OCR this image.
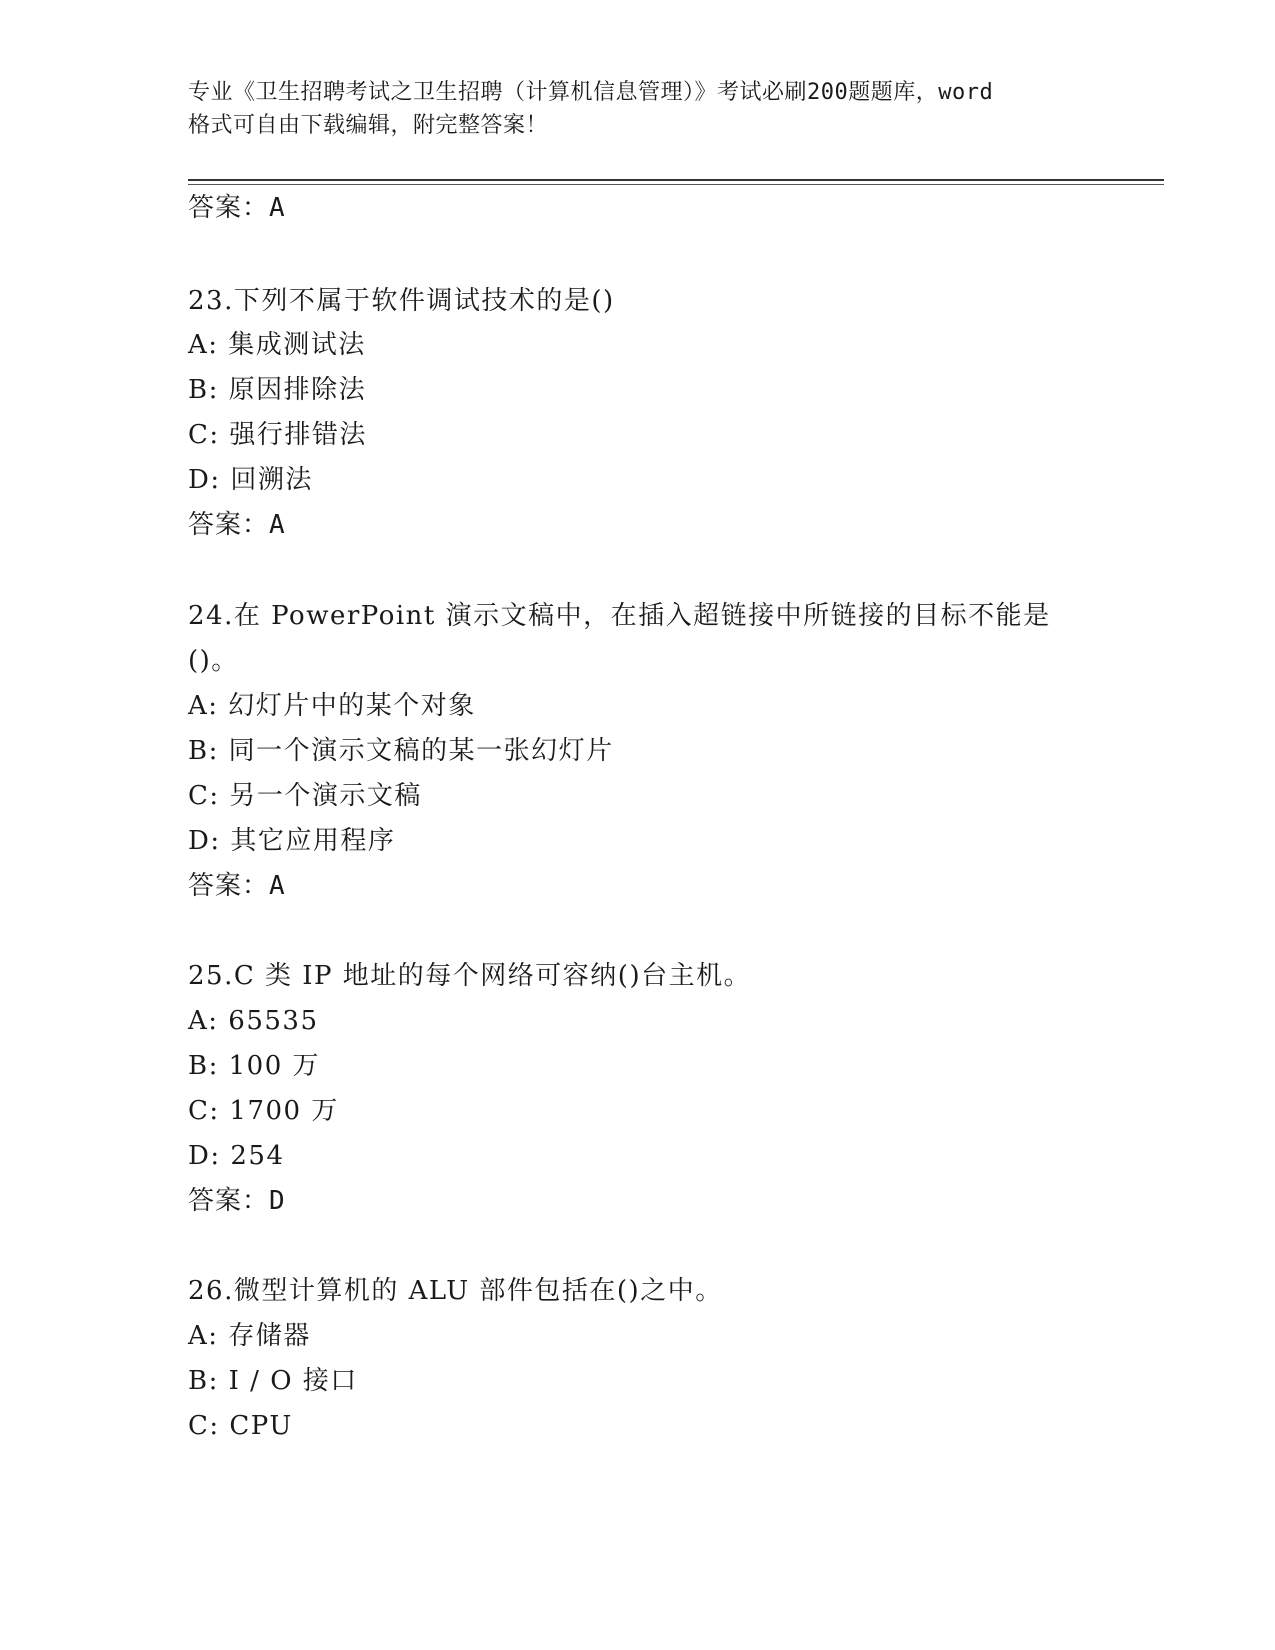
专业《卫生招聘考试之卫生招聘（计算机信息管理）》考试必刷200题题库，word
格式可自由下载编辑，附完整答案！
答案：A
23.下列不属于软件调试技术的是()
A: 集成测试法
B: 原因排除法
C: 强行排错法
D: 回溯法
答案：A
24.在 PowerPoint 演示文稿中，在插入超链接中所链接的目标不能是
()。
A: 幻灯片中的某个对象
B: 同一个演示文稿的某一张幻灯片
C: 另一个演示文稿
D: 其它应用程序
答案：A
25.C 类 IP 地址的每个网络可容纳()台主机。
A: 65535
B: 100 万
C: 1700 万
D: 254
答案：D
26.微型计算机的 ALU 部件包括在()之中。
A: 存储器
B: I / O 接口
C: CPU
